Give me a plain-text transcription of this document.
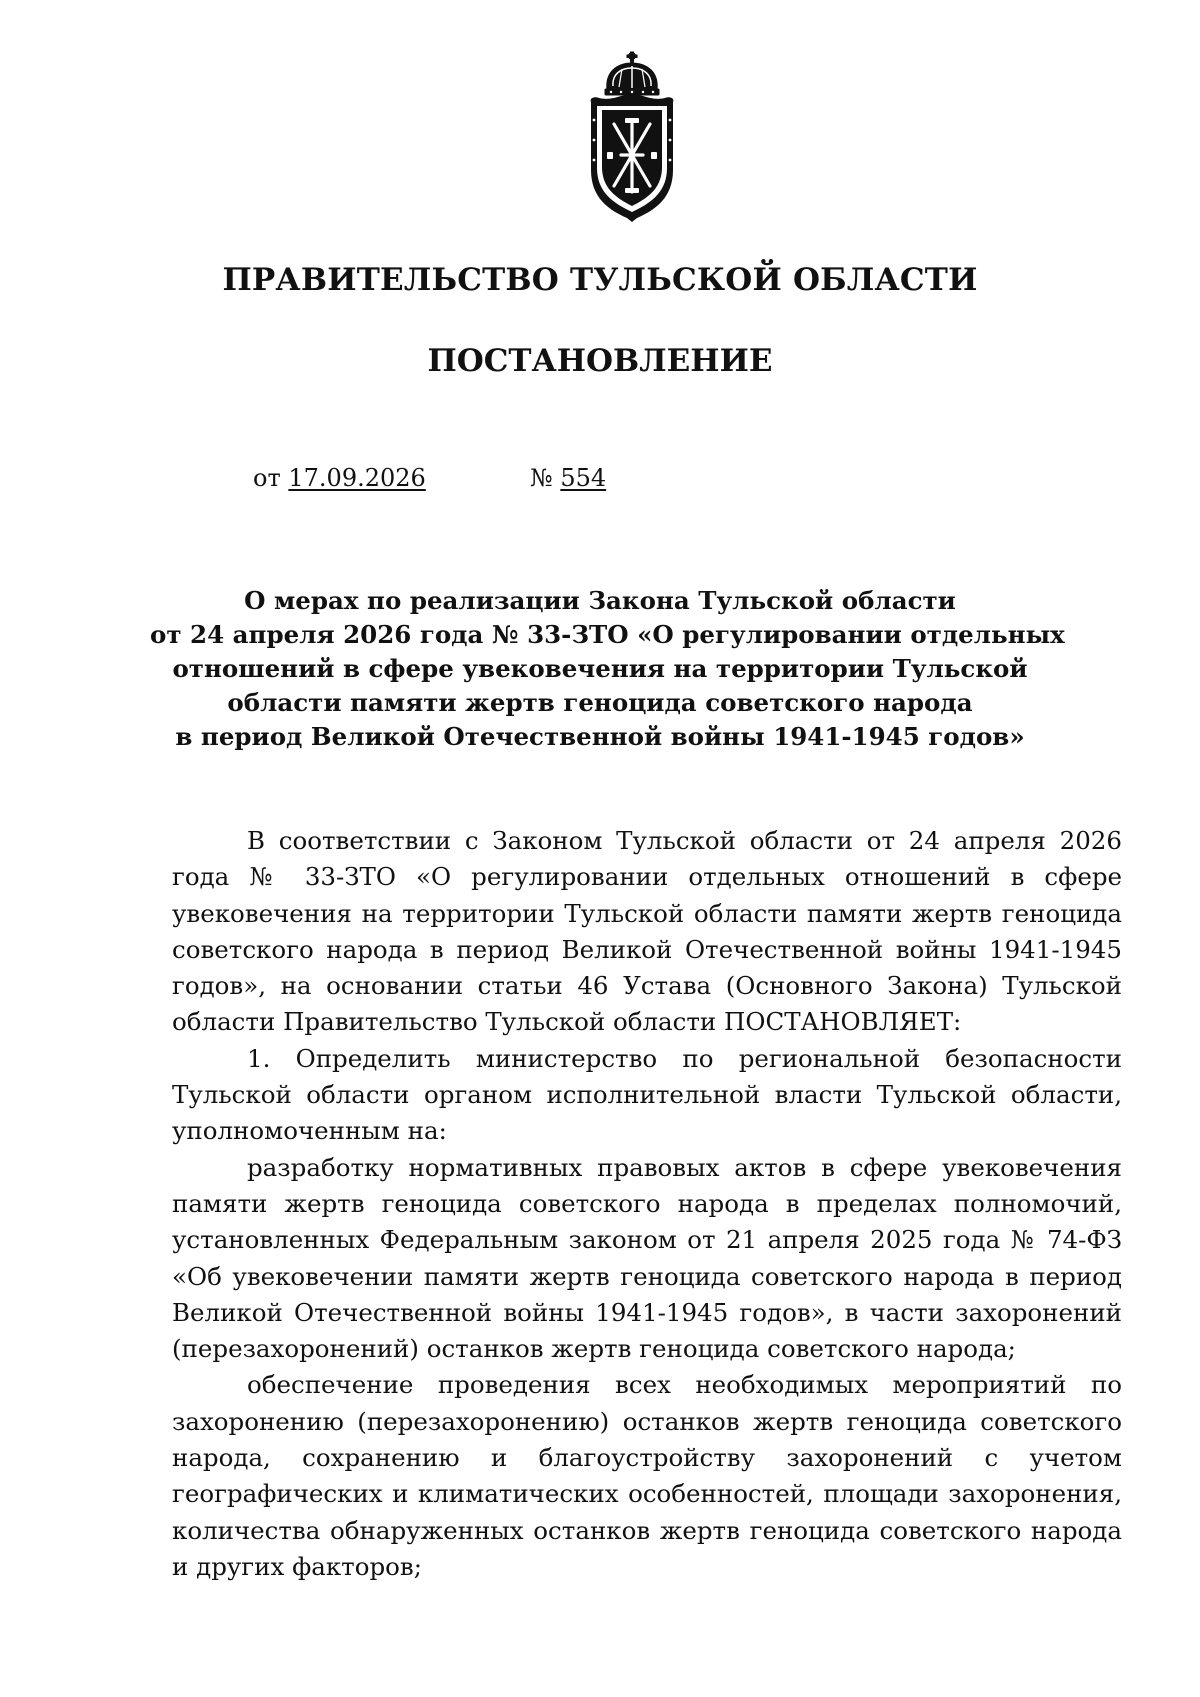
ПРАВИТЕЛЬСТВО ТУЛЬСКОЙ ОБЛАСТИ
ПОСТАНОВЛЕНИЕ
от 17.09.2026	№ 554
О мерах по реализации Закона Тульской области
от 24 апреля 2026 года № 33-ЗТО «О регулировании отдельных
отношений в сфере увековечения на территории Тульской
области памяти жертв геноцида советского народа
в период Великой Отечественной войны 1941-1945 годов»

В соответствии с Законом Тульской области от 24 апреля 2026 года № 33-ЗТО «О регулировании отдельных отношений в сфере увековечения на территории Тульской области памяти жертв геноцида советского народа в период Великой Отечественной войны 1941-1945 годов», на основании статьи 46 Устава (Основного Закона) Тульской области Правительство Тульской области ПОСТАНОВЛЯЕТ:

1. Определить министерство по региональной безопасности Тульской области органом исполнительной власти Тульской области, уполномоченным на:

разработку нормативных правовых актов в сфере увековечения памяти жертв геноцида советского народа в пределах полномочий, установленных Федеральным законом от 21 апреля 2025 года № 74-ФЗ «Об увековечении памяти жертв геноцида советского народа в период Великой Отечественной войны 1941-1945 годов», в части захоронений (перезахоронений) останков жертв геноцида советского народа;

обеспечение проведения всех необходимых мероприятий по захоронению (перезахоронению) останков жертв геноцида советского народа, сохранению и благоустройству захоронений с учетом географических и климатических особенностей, площади захоронения, количества обнаруженных останков жертв геноцида советского народа и других факторов;
